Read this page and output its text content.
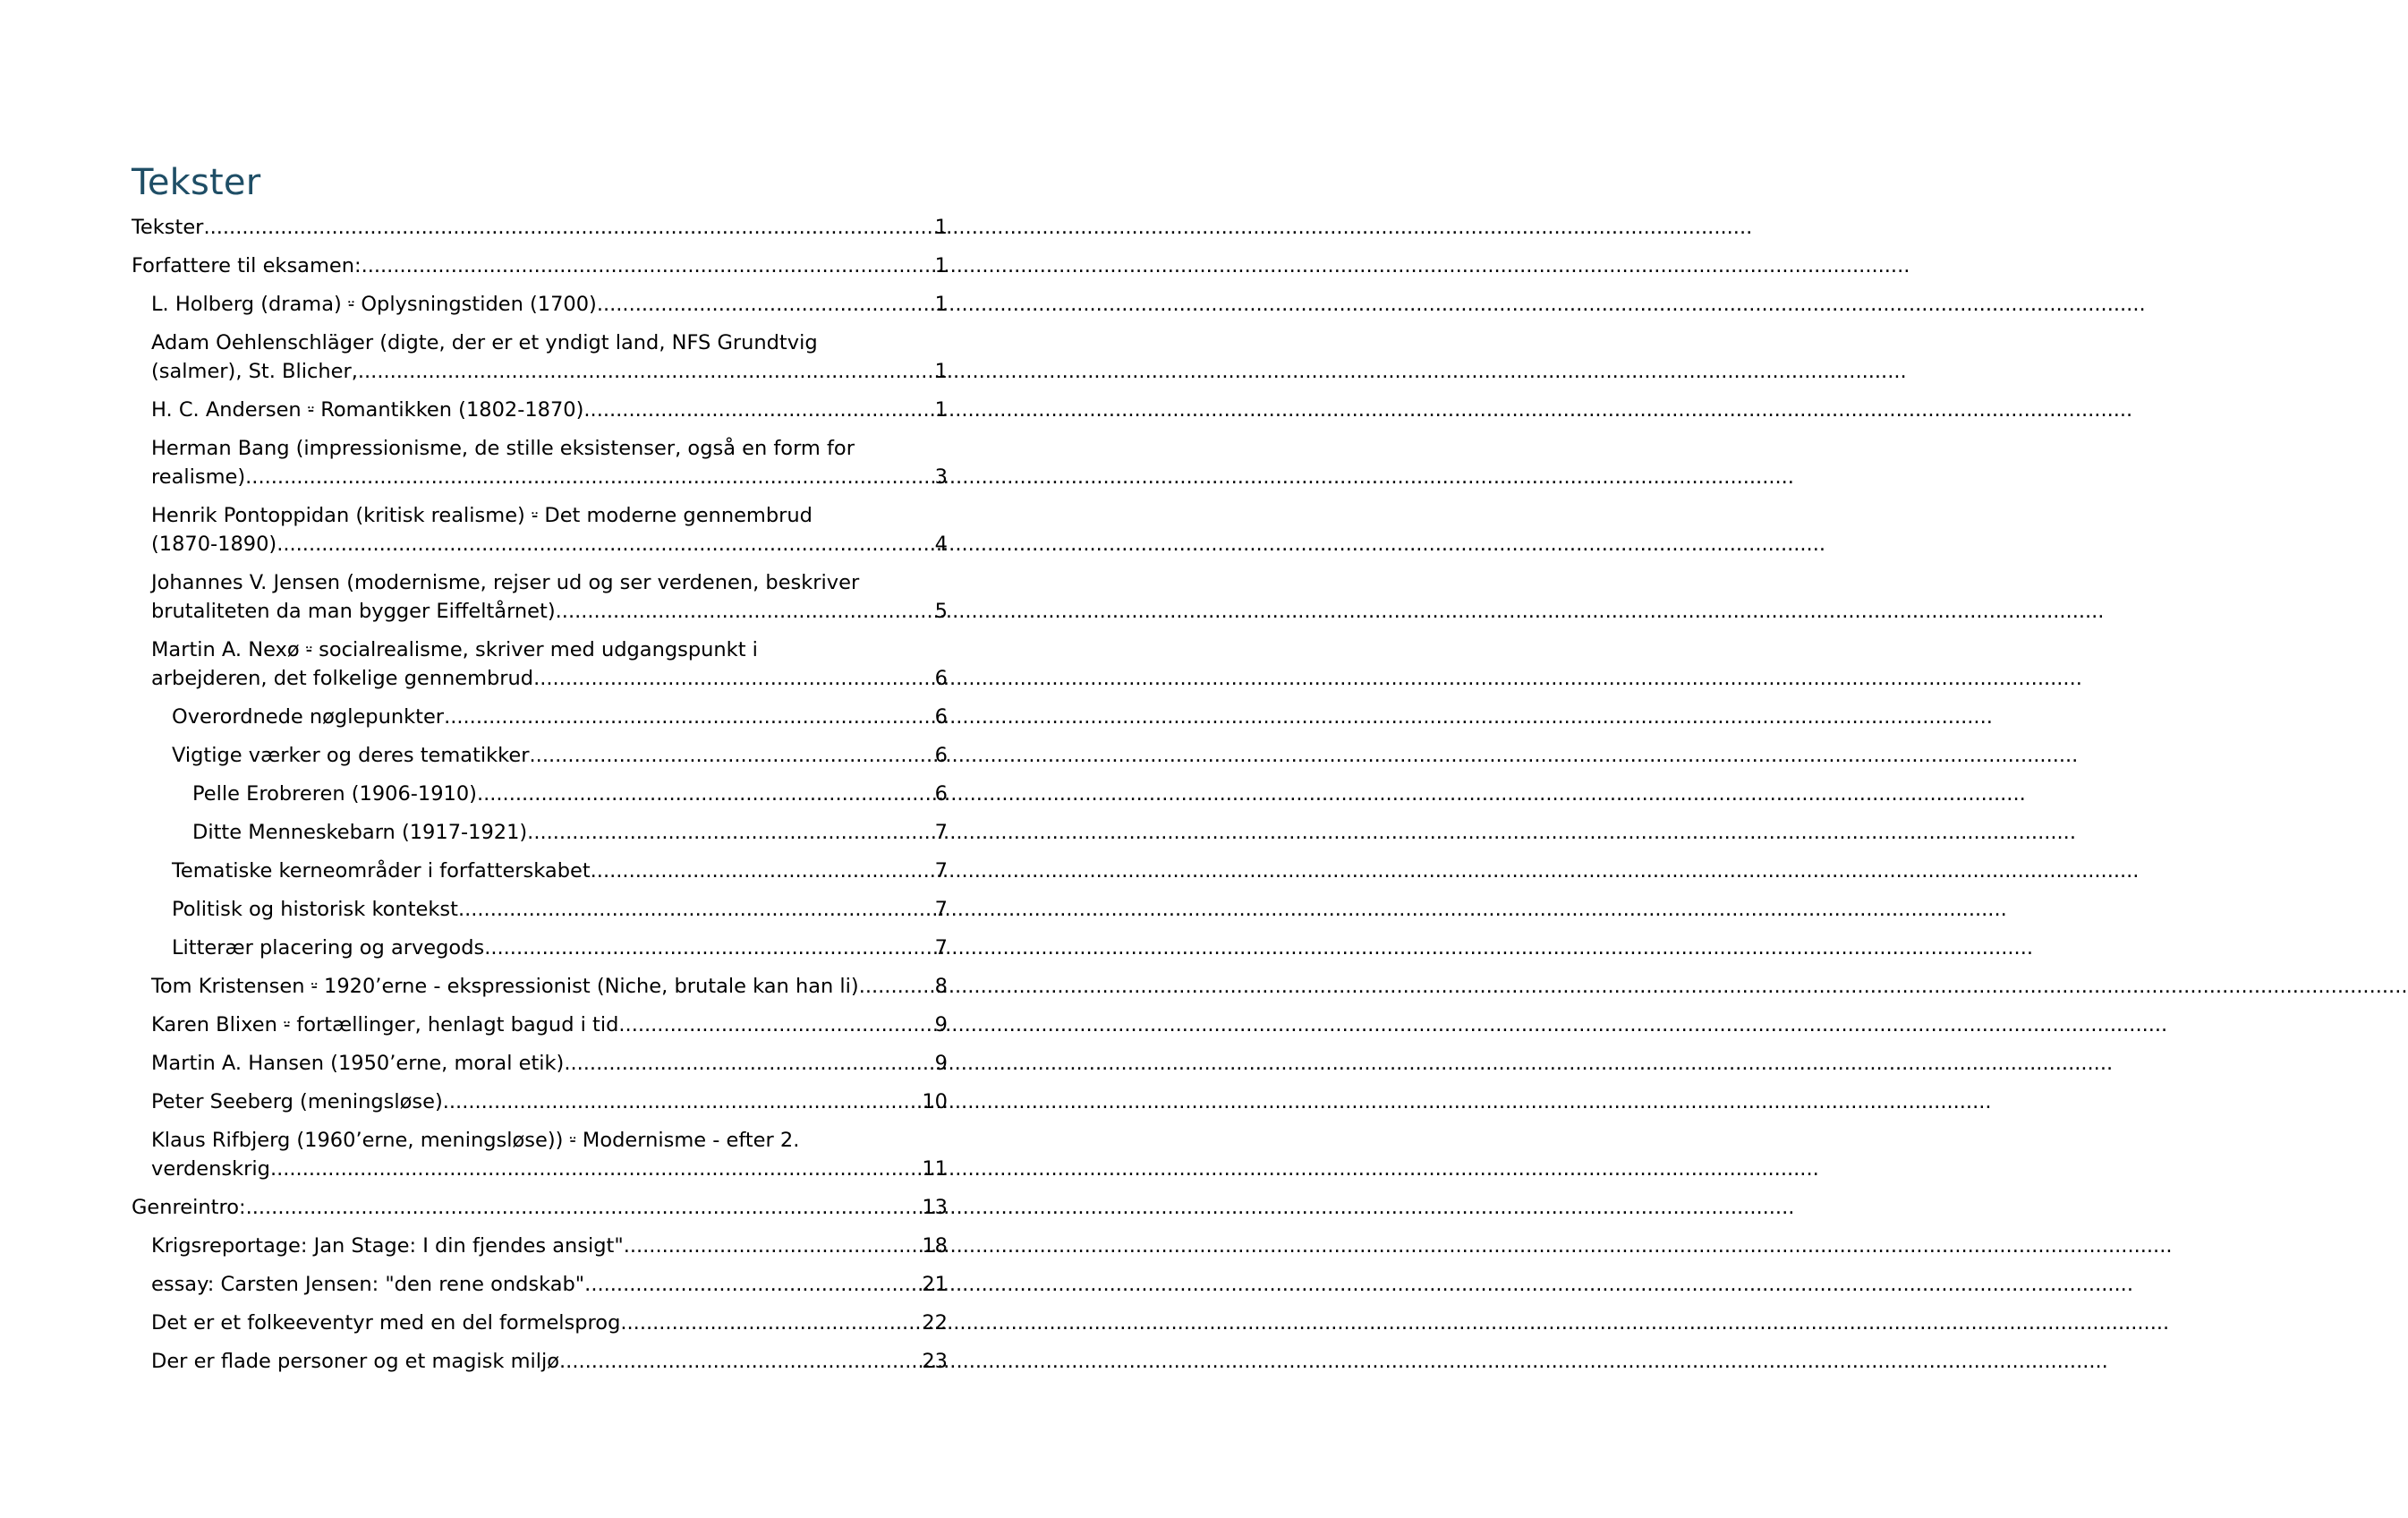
Tekster
Tekster .....	1
Forfattere til eksamen: .....	1
L. Holberg (drama) ⸚ Oplysningstiden (1700) .....	1
Adam Oehlenschläger (digte, der er et yndigt land, NFS Grundtvig
(salmer), St. Blicher, .....	1
H. C. Andersen ⸚ Romantikken (1802-1870) .....	1
Herman Bang (impressionisme, de stille eksistenser, også en form for
realisme) .....	3
Henrik Pontoppidan (kritisk realisme) ⸚ Det moderne gennembrud
(1870-1890) .....	4
Johannes V. Jensen (modernisme, rejser ud og ser verdenen, beskriver
brutaliteten da man bygger Eiffeltårnet) .....	5
Martin A. Nexø ⸚ socialrealisme, skriver med udgangspunkt i
arbejderen, det folkelige gennembrud .....	6
Overordnede nøglepunkter .....	6
Vigtige værker og deres tematikker .....	6
Pelle Erobreren (1906-1910) .....	6
Ditte Menneskebarn (1917-1921) .....	7
Tematiske kerneområder i forfatterskabet .....	7
Politisk og historisk kontekst .....	7
Litterær placering og arvegods .....	7
Tom Kristensen ⸚ 1920’erne - ekspressionist (Niche, brutale kan han li) .....	8
Karen Blixen ⸚ fortællinger, henlagt bagud i tid .....	9
Martin A. Hansen (1950’erne, moral etik) .....	9
Peter Seeberg (meningsløse) .....	10
Klaus Rifbjerg (1960’erne, meningsløse)) ⸚ Modernisme - efter 2.
verdenskrig .....	11
Genreintro: .....	13
Krigsreportage: Jan Stage: I din fjendes ansigt" .....	18
essay: Carsten Jensen: "den rene ondskab" .....	21
Det er et folkeeventyr med en del formelsprog .....	22
Der er flade personer og et magisk miljø .....	23
